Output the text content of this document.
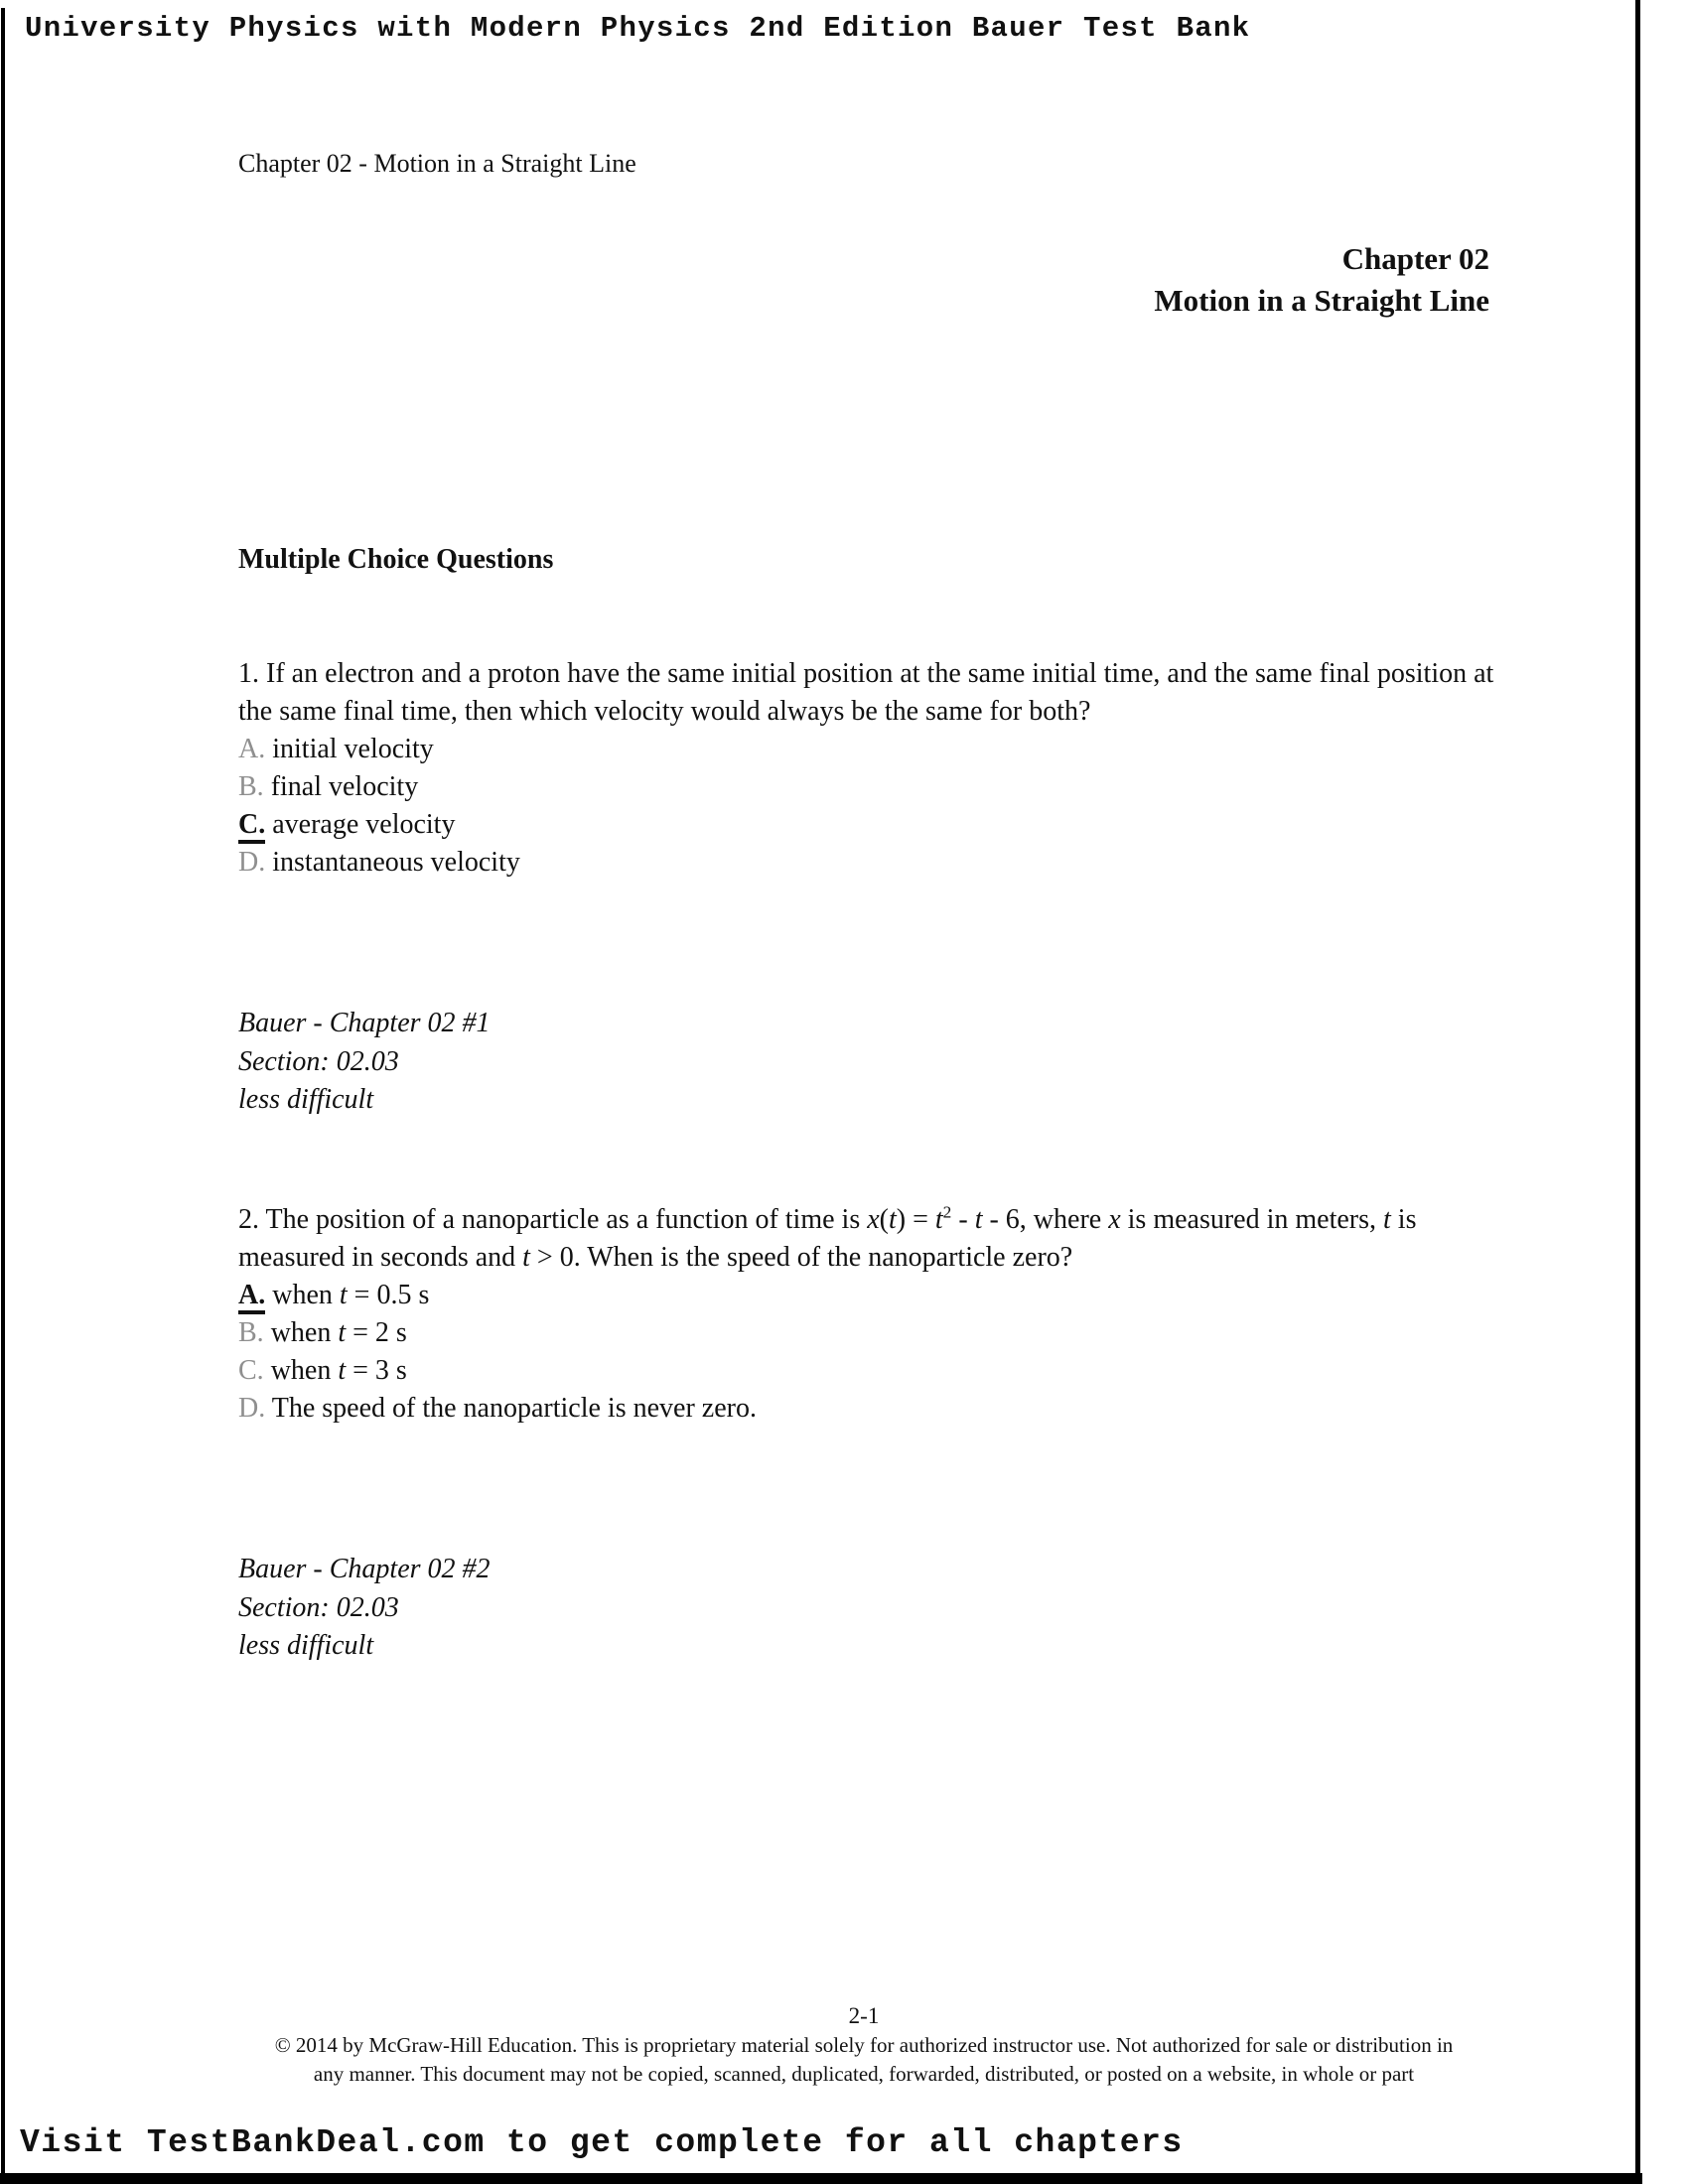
University Physics with Modern Physics 2nd Edition Bauer Test Bank
Chapter 02 - Motion in a Straight Line
Chapter 02
Motion in a Straight Line
Multiple Choice Questions

1. If an electron and a proton have the same initial position at the same initial time, and the same final position at the same final time, then which velocity would always be the same for both?

A. initial velocity
B. final velocity
C. average velocity
D. instantaneous velocity
Bauer - Chapter 02 #1
Section: 02.03
less difficult

2. The position of a nanoparticle as a function of time is $x(t) = t^2 - t - 6$, where x is measured in meters, t is measured in seconds and t > 0. When is the speed of the nanoparticle zero?

A. when t = 0.5 s
B. when t = 2 s
C. when t = 3 s
D. The speed of the nanoparticle is never zero.
Bauer - Chapter 02 #2
Section: 02.03
less difficult
2-1
© 2014 by McGraw-Hill Education. This is proprietary material solely for authorized instructor use. Not authorized for sale or distribution in
any manner. This document may not be copied, scanned, duplicated, forwarded, distributed, or posted on a website, in whole or part
Visit TestBankDeal.com to get complete for all chapters
